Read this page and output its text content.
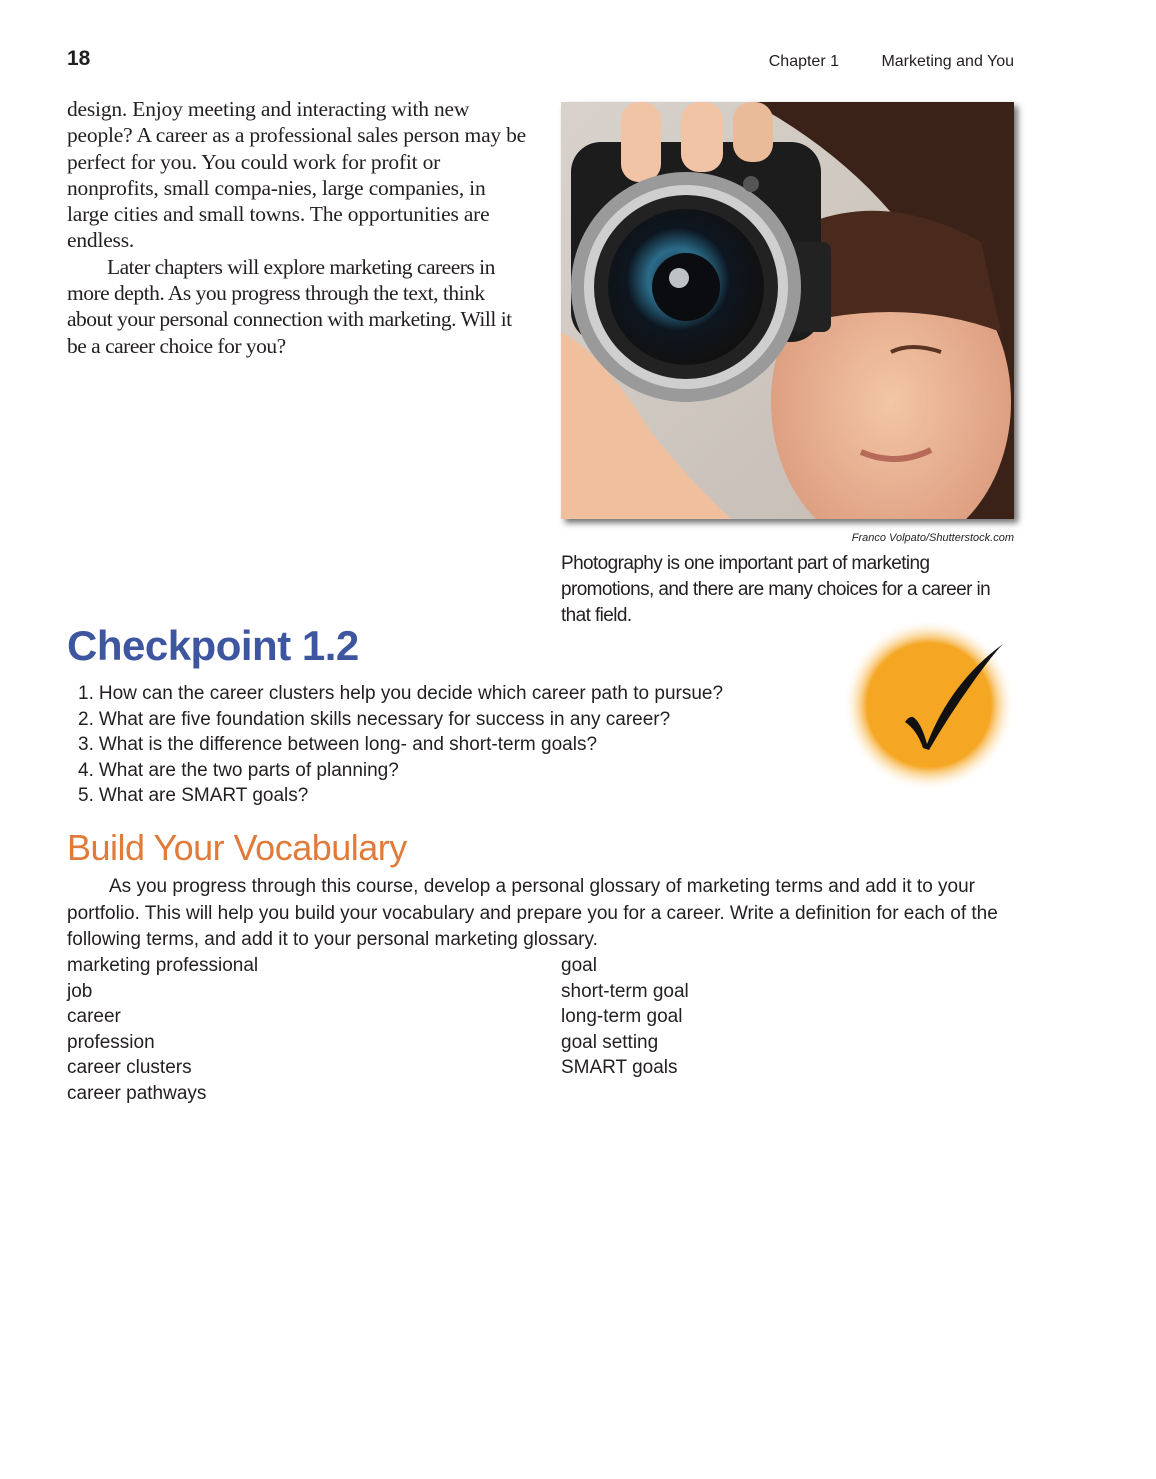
18	Chapter 1	Marketing and You

design. Enjoy meeting and interacting with new people? A career as a professional sales person may be perfect for you. You could work for profit or nonprofits, small compa-nies, large companies, in large cities and small towns. The opportunities are endless.

Later chapters will explore marketing careers in more depth. As you progress through the text, think about your personal connection with marketing. Will it be a career choice for you?

Franco Volpato/Shutterstock.com
Photography is one important part of marketing promotions, and there are many choices for a career in that field.
Checkpoint 1.2
1. How can the career clusters help you decide which career path to pursue?
2. What are five foundation skills necessary for success in any career?
3. What is the difference between long- and short-term goals?
4. What are the two parts of planning?
5. What are SMART goals?
Build Your Vocabulary

As you progress through this course, develop a personal glossary of marketing terms and add it to your portfolio. This will help you build your vocabulary and prepare you for a career. Write a definition for each of the following terms, and add it to your personal marketing glossary.

marketing professional
job
career
profession
career clusters
career pathways
goal
short-term goal
long-term goal
goal setting
SMART goals
